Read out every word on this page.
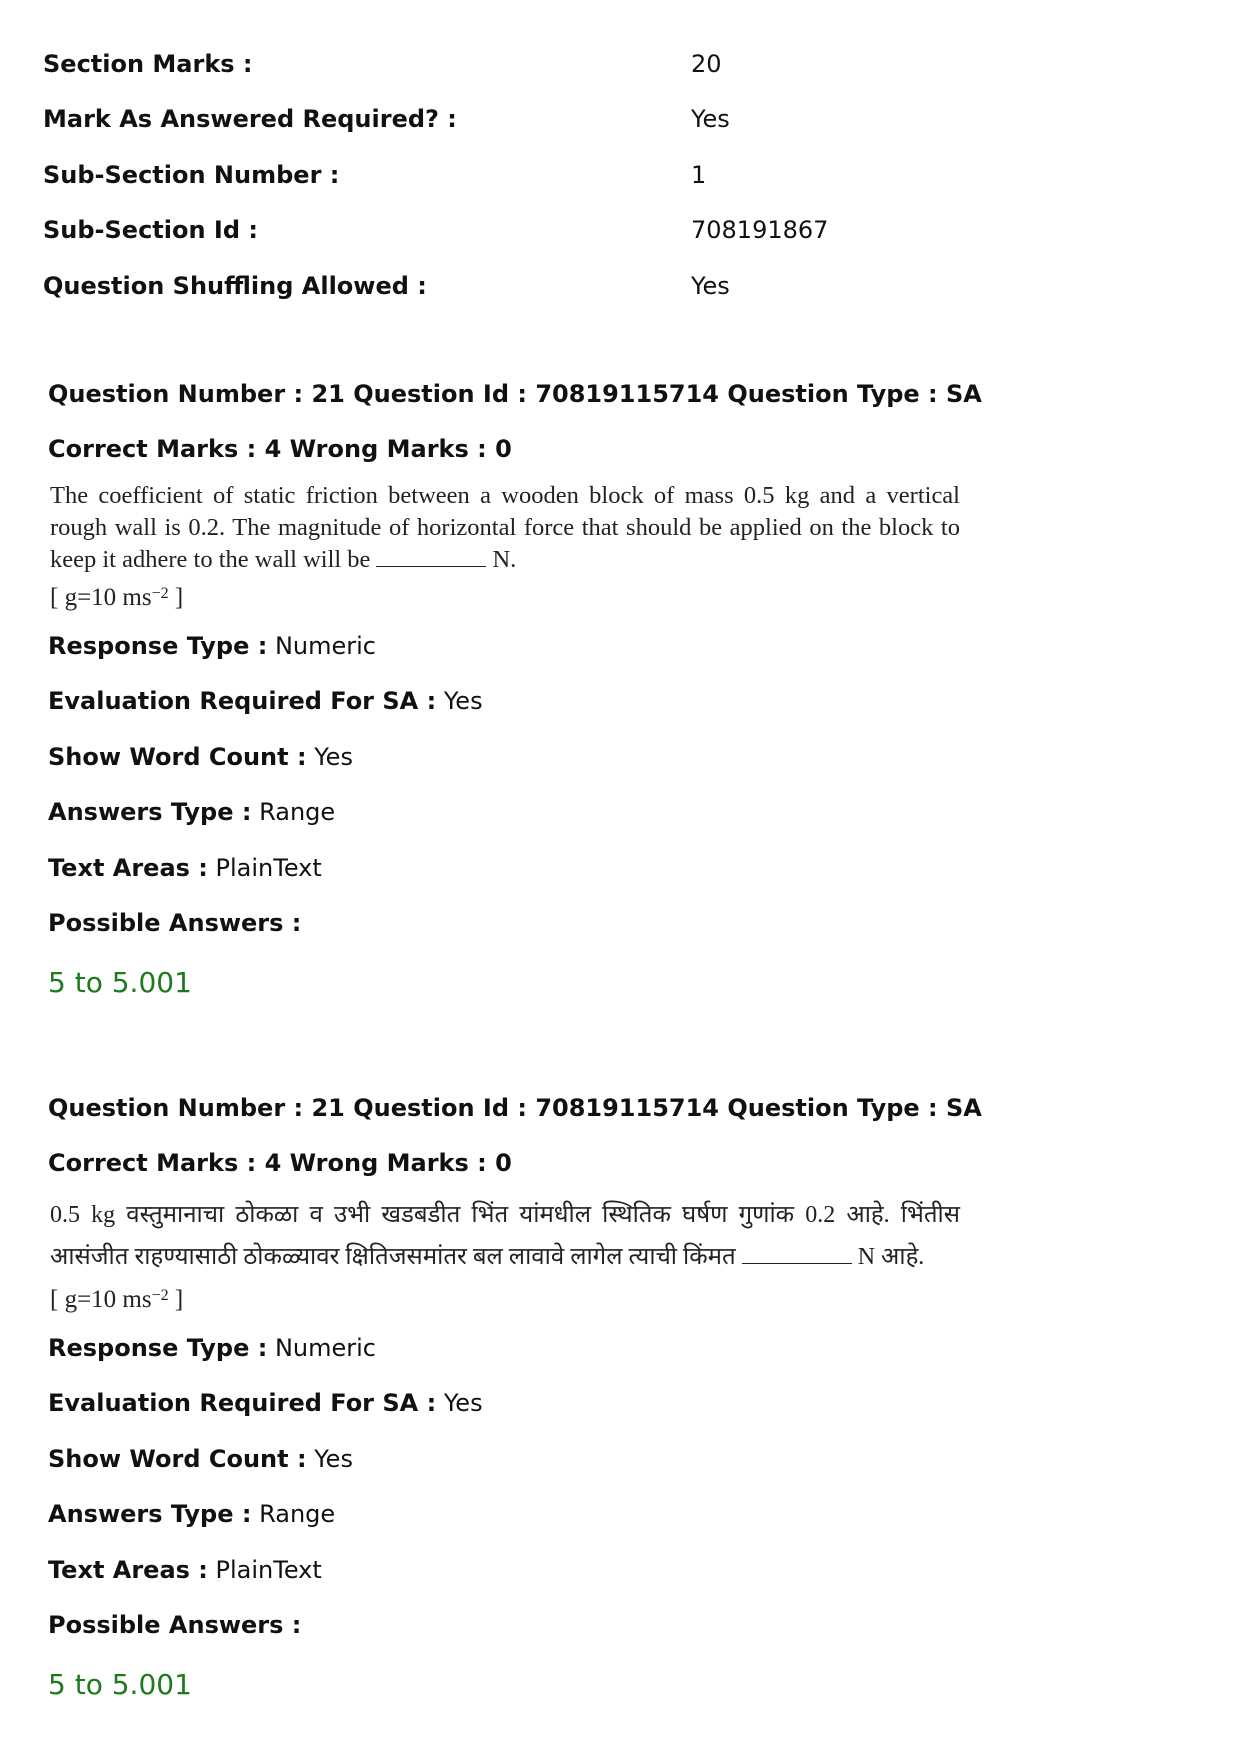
Section Marks :	20
Mark As Answered Required? :	Yes
Sub-Section Number :	1
Sub-Section Id :	708191867
Question Shuffling Allowed :	Yes
Question Number : 21 Question Id : 70819115714 Question Type : SA
Correct Marks : 4 Wrong Marks : 0
The coefficient of static friction between a wooden block of mass 0.5 kg and a vertical rough wall is 0.2. The magnitude of horizontal force that should be applied on the block to keep it adhere to the wall will be	N.
[ g=10 $ms^{-2}$
]
Response Type :
Numeric
Evaluation Required For SA :
Yes
Show Word Count :
Yes
Answers Type :
Range
Text Areas :
PlainText
Possible Answers :
5 to 5.001
Question Number : 21 Question Id : 70819115714 Question Type : SA
Correct Marks : 4 Wrong Marks : 0
0.5 kg वस्तुमानाचा ठोकळा व उभी खडबडीत भिंत यांमधील स्थितिक घर्षण गुणांक 0.2 आहे. भिंतीस आसंजीत राहण्यासाठी ठोकळ्यावर क्षितिजसमांतर बल लावावे लागेल त्याची किंमत	N आहे.
[ g=10 $ms^{-2}$
]
Response Type :
Numeric
Evaluation Required For SA :
Yes
Show Word Count :
Yes
Answers Type :
Range
Text Areas :
PlainText
Possible Answers :
5 to 5.001
